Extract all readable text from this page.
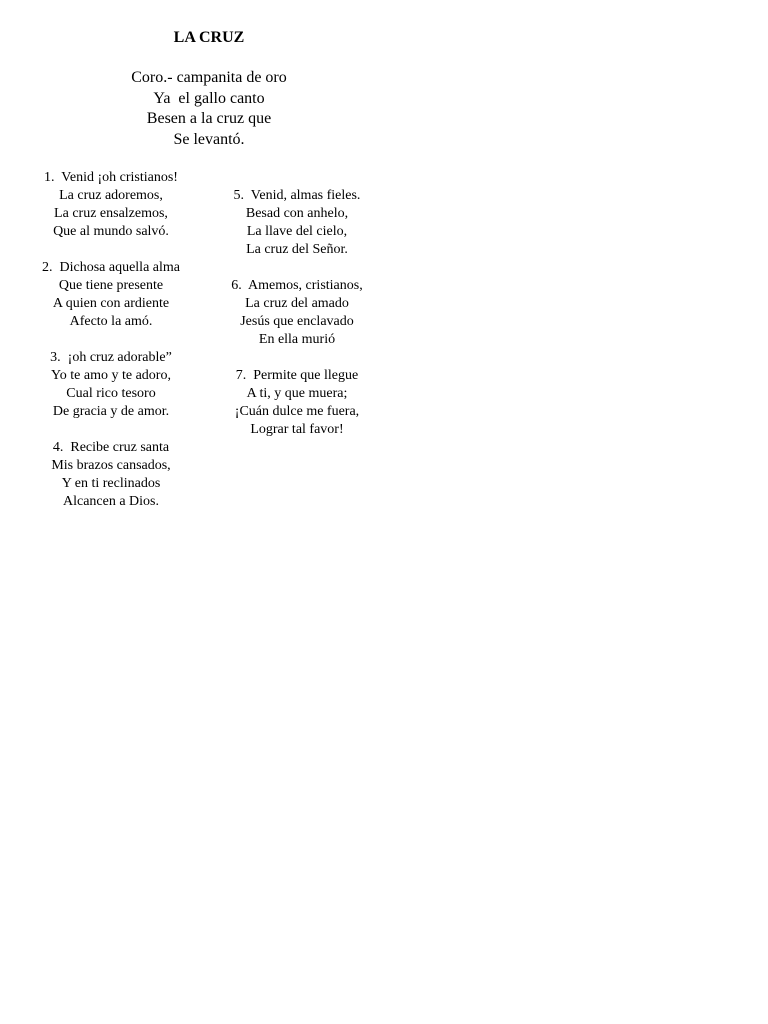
LA CRUZ
Coro.- campanita de oro
Ya  el gallo canto
Besen a la cruz que
Se levantó.
1.  Venid ¡oh cristianos!
La cruz adoremos,
La cruz ensalzemos,
Que al mundo salvó.
2.  Dichosa aquella alma
Que tiene presente
A quien con ardiente
Afecto la amó.
3.  ¡oh cruz adorable”
Yo te amo y te adoro,
Cual rico tesoro
De gracia y de amor.
4.  Recibe cruz santa
Mis brazos cansados,
Y en ti reclinados
Alcancen a Dios.
5.  Venid, almas fieles.
Besad con anhelo,
La llave del cielo,
La cruz del Señor.
6.  Amemos, cristianos,
La cruz del amado
Jesús que enclavado
En ella murió
7.  Permite que llegue
A ti, y que muera;
¡Cuán dulce me fuera,
Lograr tal favor!
